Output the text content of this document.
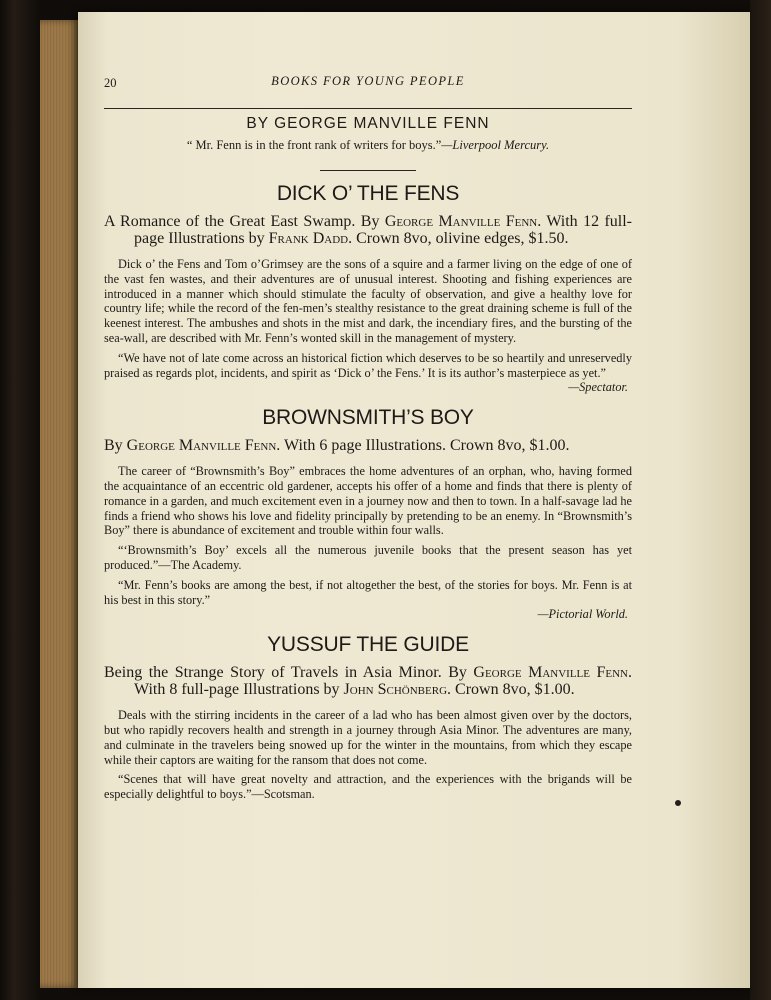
20	BOOKS FOR YOUNG PEOPLE
BY GEORGE MANVILLE FENN
“ Mr. Fenn is in the front rank of writers for boys.”—Liverpool Mercury.
DICK O’ THE FENS
A Romance of the Great East Swamp. By George Manville Fenn. With 12 full-page Illustrations by Frank Dadd. Crown 8vo, olivine edges, $1.50.
Dick o’ the Fens and Tom o’Grimsey are the sons of a squire and a farmer living on the edge of one of the vast fen wastes, and their adventures are of unusual interest. Shooting and fishing experiences are introduced in a manner which should stimulate the faculty of observation, and give a healthy love for country life; while the record of the fen-men’s stealthy resistance to the great draining scheme is full of the keenest interest. The ambushes and shots in the mist and dark, the incendiary fires, and the bursting of the sea-wall, are described with Mr. Fenn’s wonted skill in the management of mystery.
“We have not of late come across an historical fiction which deserves to be so heartily and unreservedly praised as regards plot, incidents, and spirit as ‘Dick o’ the Fens.’ It is its author’s masterpiece as yet.”
—Spectator.
BROWNSMITH’S BOY
By George Manville Fenn. With 6 page Illustrations. Crown 8vo, $1.00.
The career of “Brownsmith’s Boy” embraces the home adventures of an orphan, who, having formed the acquaintance of an eccentric old gardener, accepts his offer of a home and finds that there is plenty of romance in a garden, and much excitement even in a journey now and then to town. In a half-savage lad he finds a friend who shows his love and fidelity principally by pretending to be an enemy. In “Brownsmith’s Boy” there is abundance of excitement and trouble within four walls.
“‘Brownsmith’s Boy’ excels all the numerous juvenile books that the present season has yet produced.”—The Academy.
“Mr. Fenn’s books are among the best, if not altogether the best, of the stories for boys. Mr. Fenn is at his best in this story.”
—Pictorial World.
YUSSUF THE GUIDE
Being the Strange Story of Travels in Asia Minor. By George Manville Fenn. With 8 full-page Illustrations by John Schönberg. Crown 8vo, $1.00.
Deals with the stirring incidents in the career of a lad who has been almost given over by the doctors, but who rapidly recovers health and strength in a journey through Asia Minor. The adventures are many, and culminate in the travelers being snowed up for the winter in the mountains, from which they escape while their captors are waiting for the ransom that does not come.
“Scenes that will have great novelty and attraction, and the experiences with the brigands will be especially delightful to boys.”—Scotsman.
